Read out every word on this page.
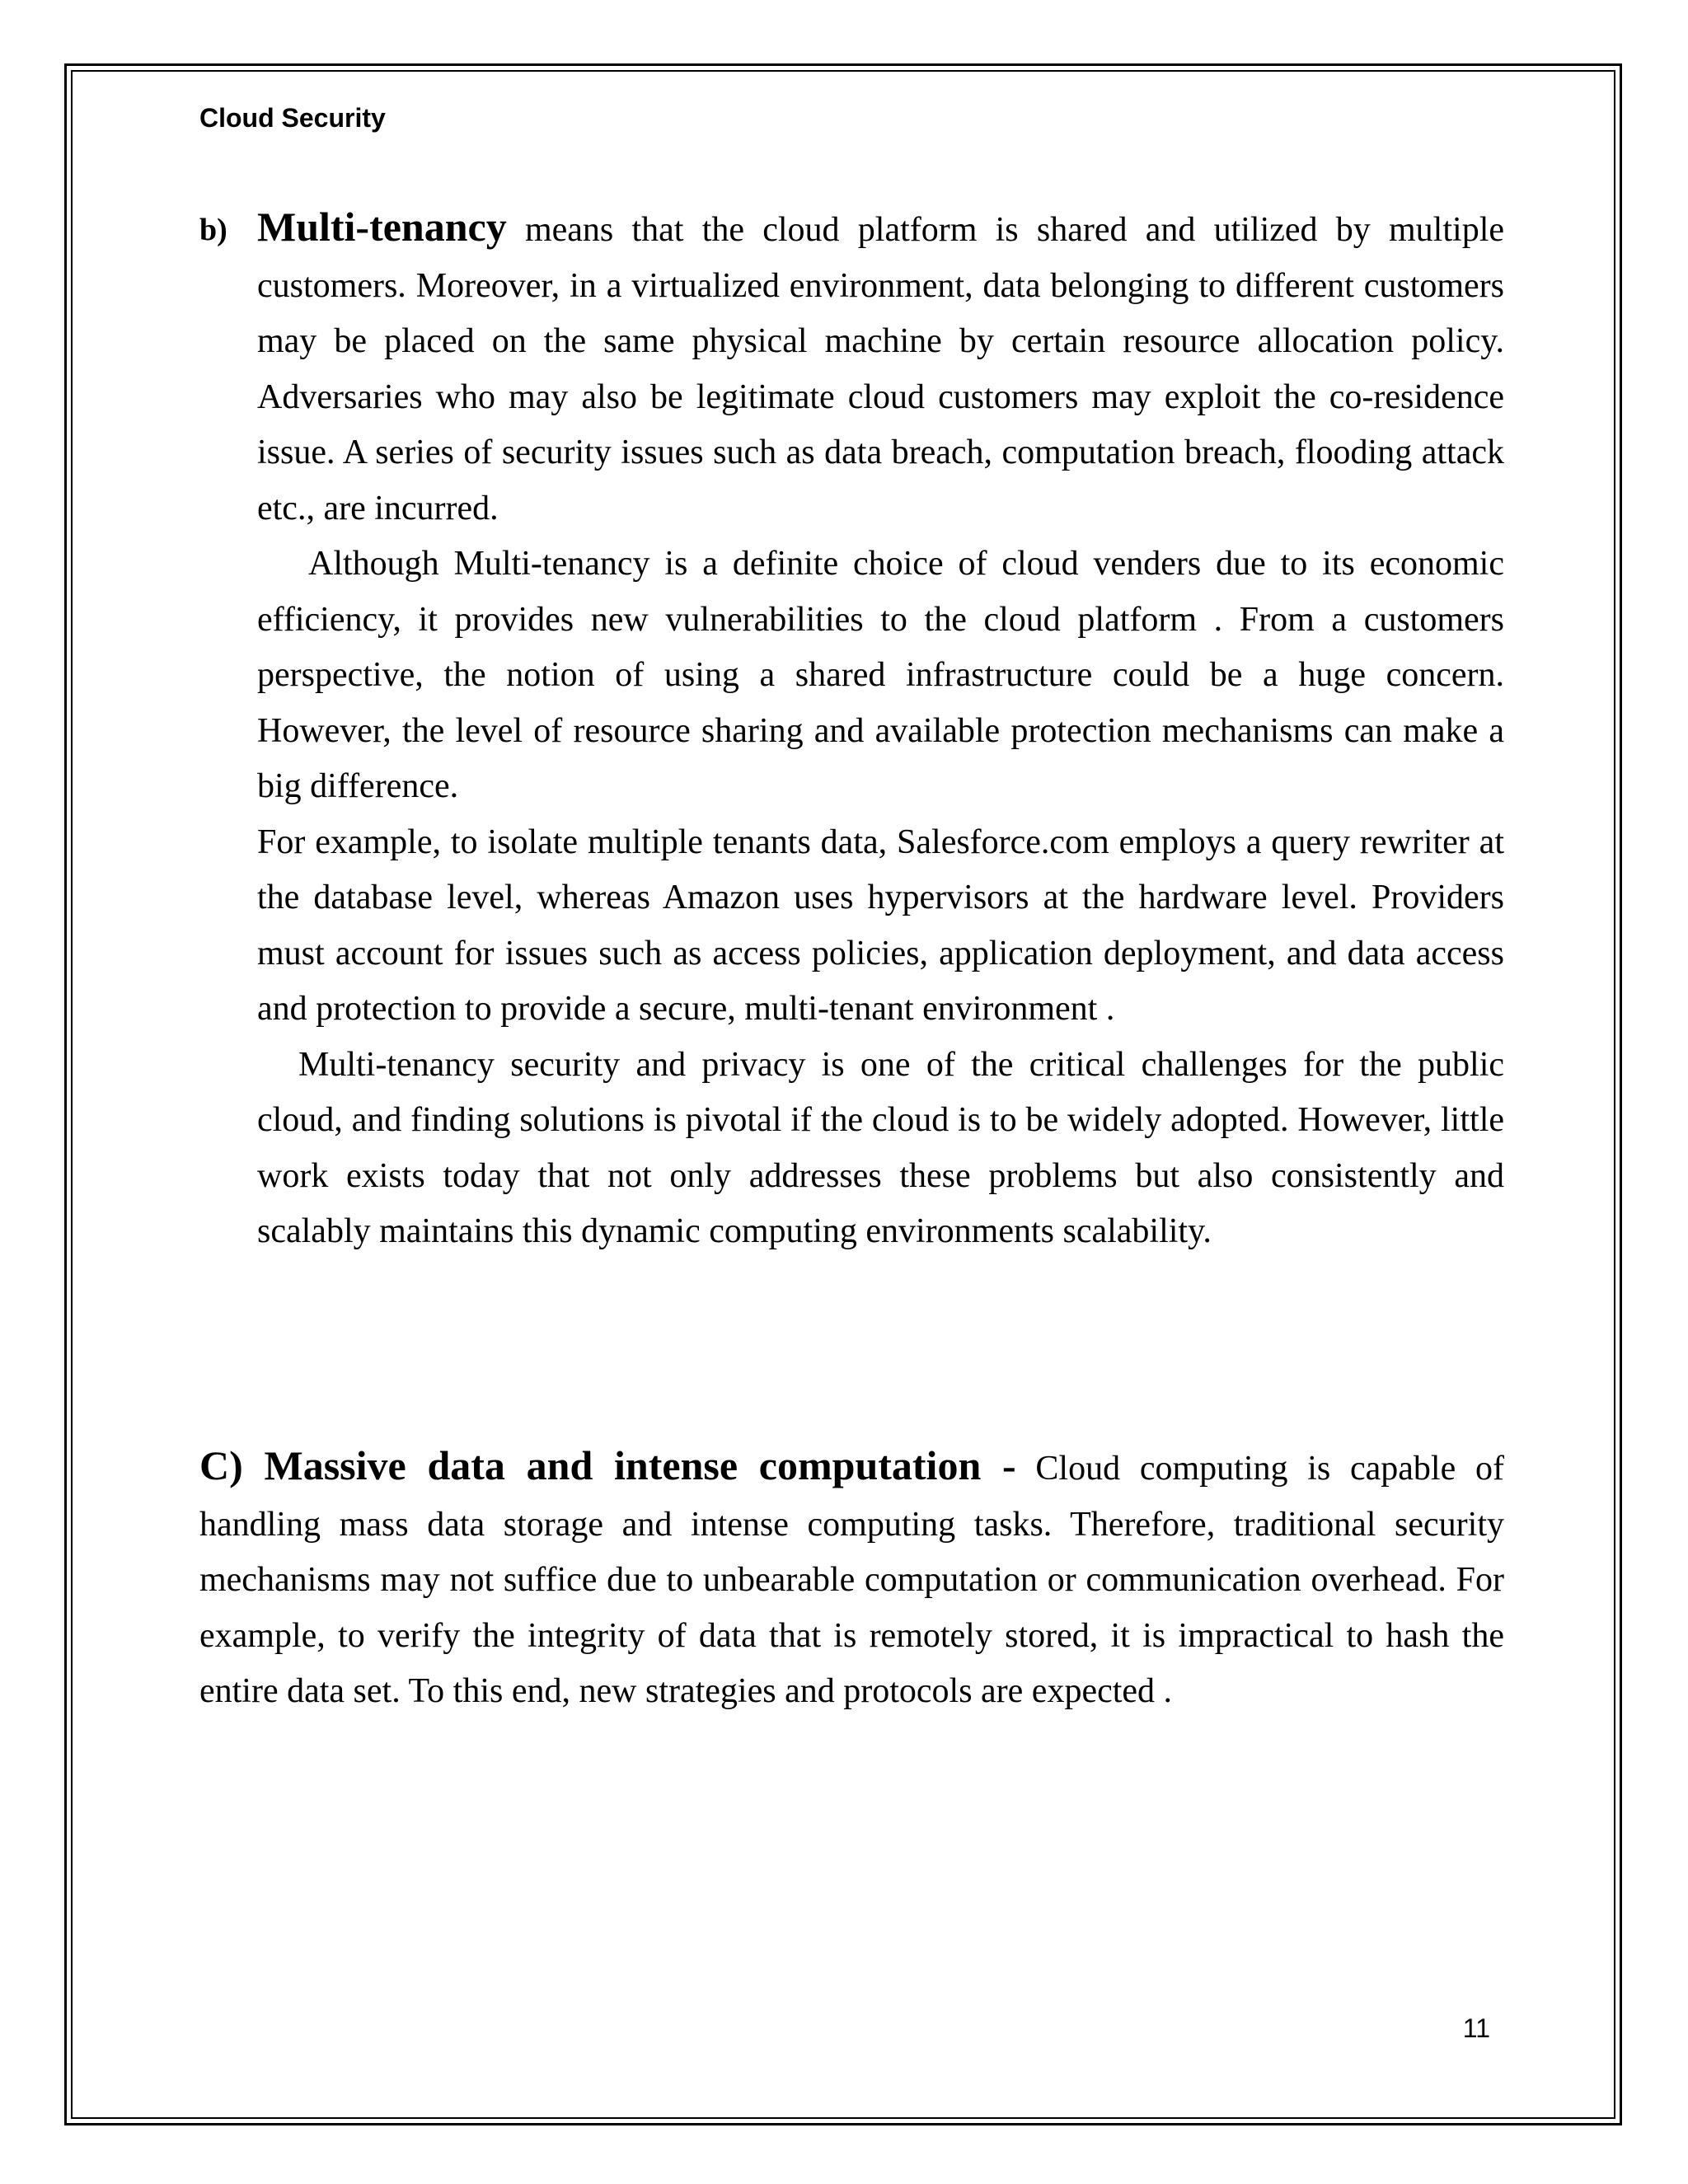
Cloud Security
b) Multi-tenancy means that the cloud platform is shared and utilized by multiple customers. Moreover, in a virtualized environment, data belonging to different customers may be placed on the same physical machine by certain resource allocation policy. Adversaries who may also be legitimate cloud customers may exploit the co-residence issue. A series of security issues such as data breach, computation breach, flooding attack etc., are incurred.

Although Multi-tenancy is a definite choice of cloud venders due to its economic efficiency, it provides new vulnerabilities to the cloud platform . From a customers perspective, the notion of using a shared infrastructure could be a huge concern. However, the level of resource sharing and available protection mechanisms can make a big difference.

For example, to isolate multiple tenants data, Salesforce.com employs a query rewriter at the database level, whereas Amazon uses hypervisors at the hardware level. Providers must account for issues such as access policies, application deployment, and data access and protection to provide a secure, multi-tenant environment .

Multi-tenancy security and privacy is one of the critical challenges for the public cloud, and finding solutions is pivotal if the cloud is to be widely adopted. However, little work exists today that not only addresses these problems but also consistently and scalably maintains this dynamic computing environments scalability.

C) Massive data and intense computation - Cloud computing is capable of handling mass data storage and intense computing tasks. Therefore, traditional security mechanisms may not suffice due to unbearable computation or communication overhead. For example, to verify the integrity of data that is remotely stored, it is impractical to hash the entire data set. To this end, new strategies and protocols are expected .

11
